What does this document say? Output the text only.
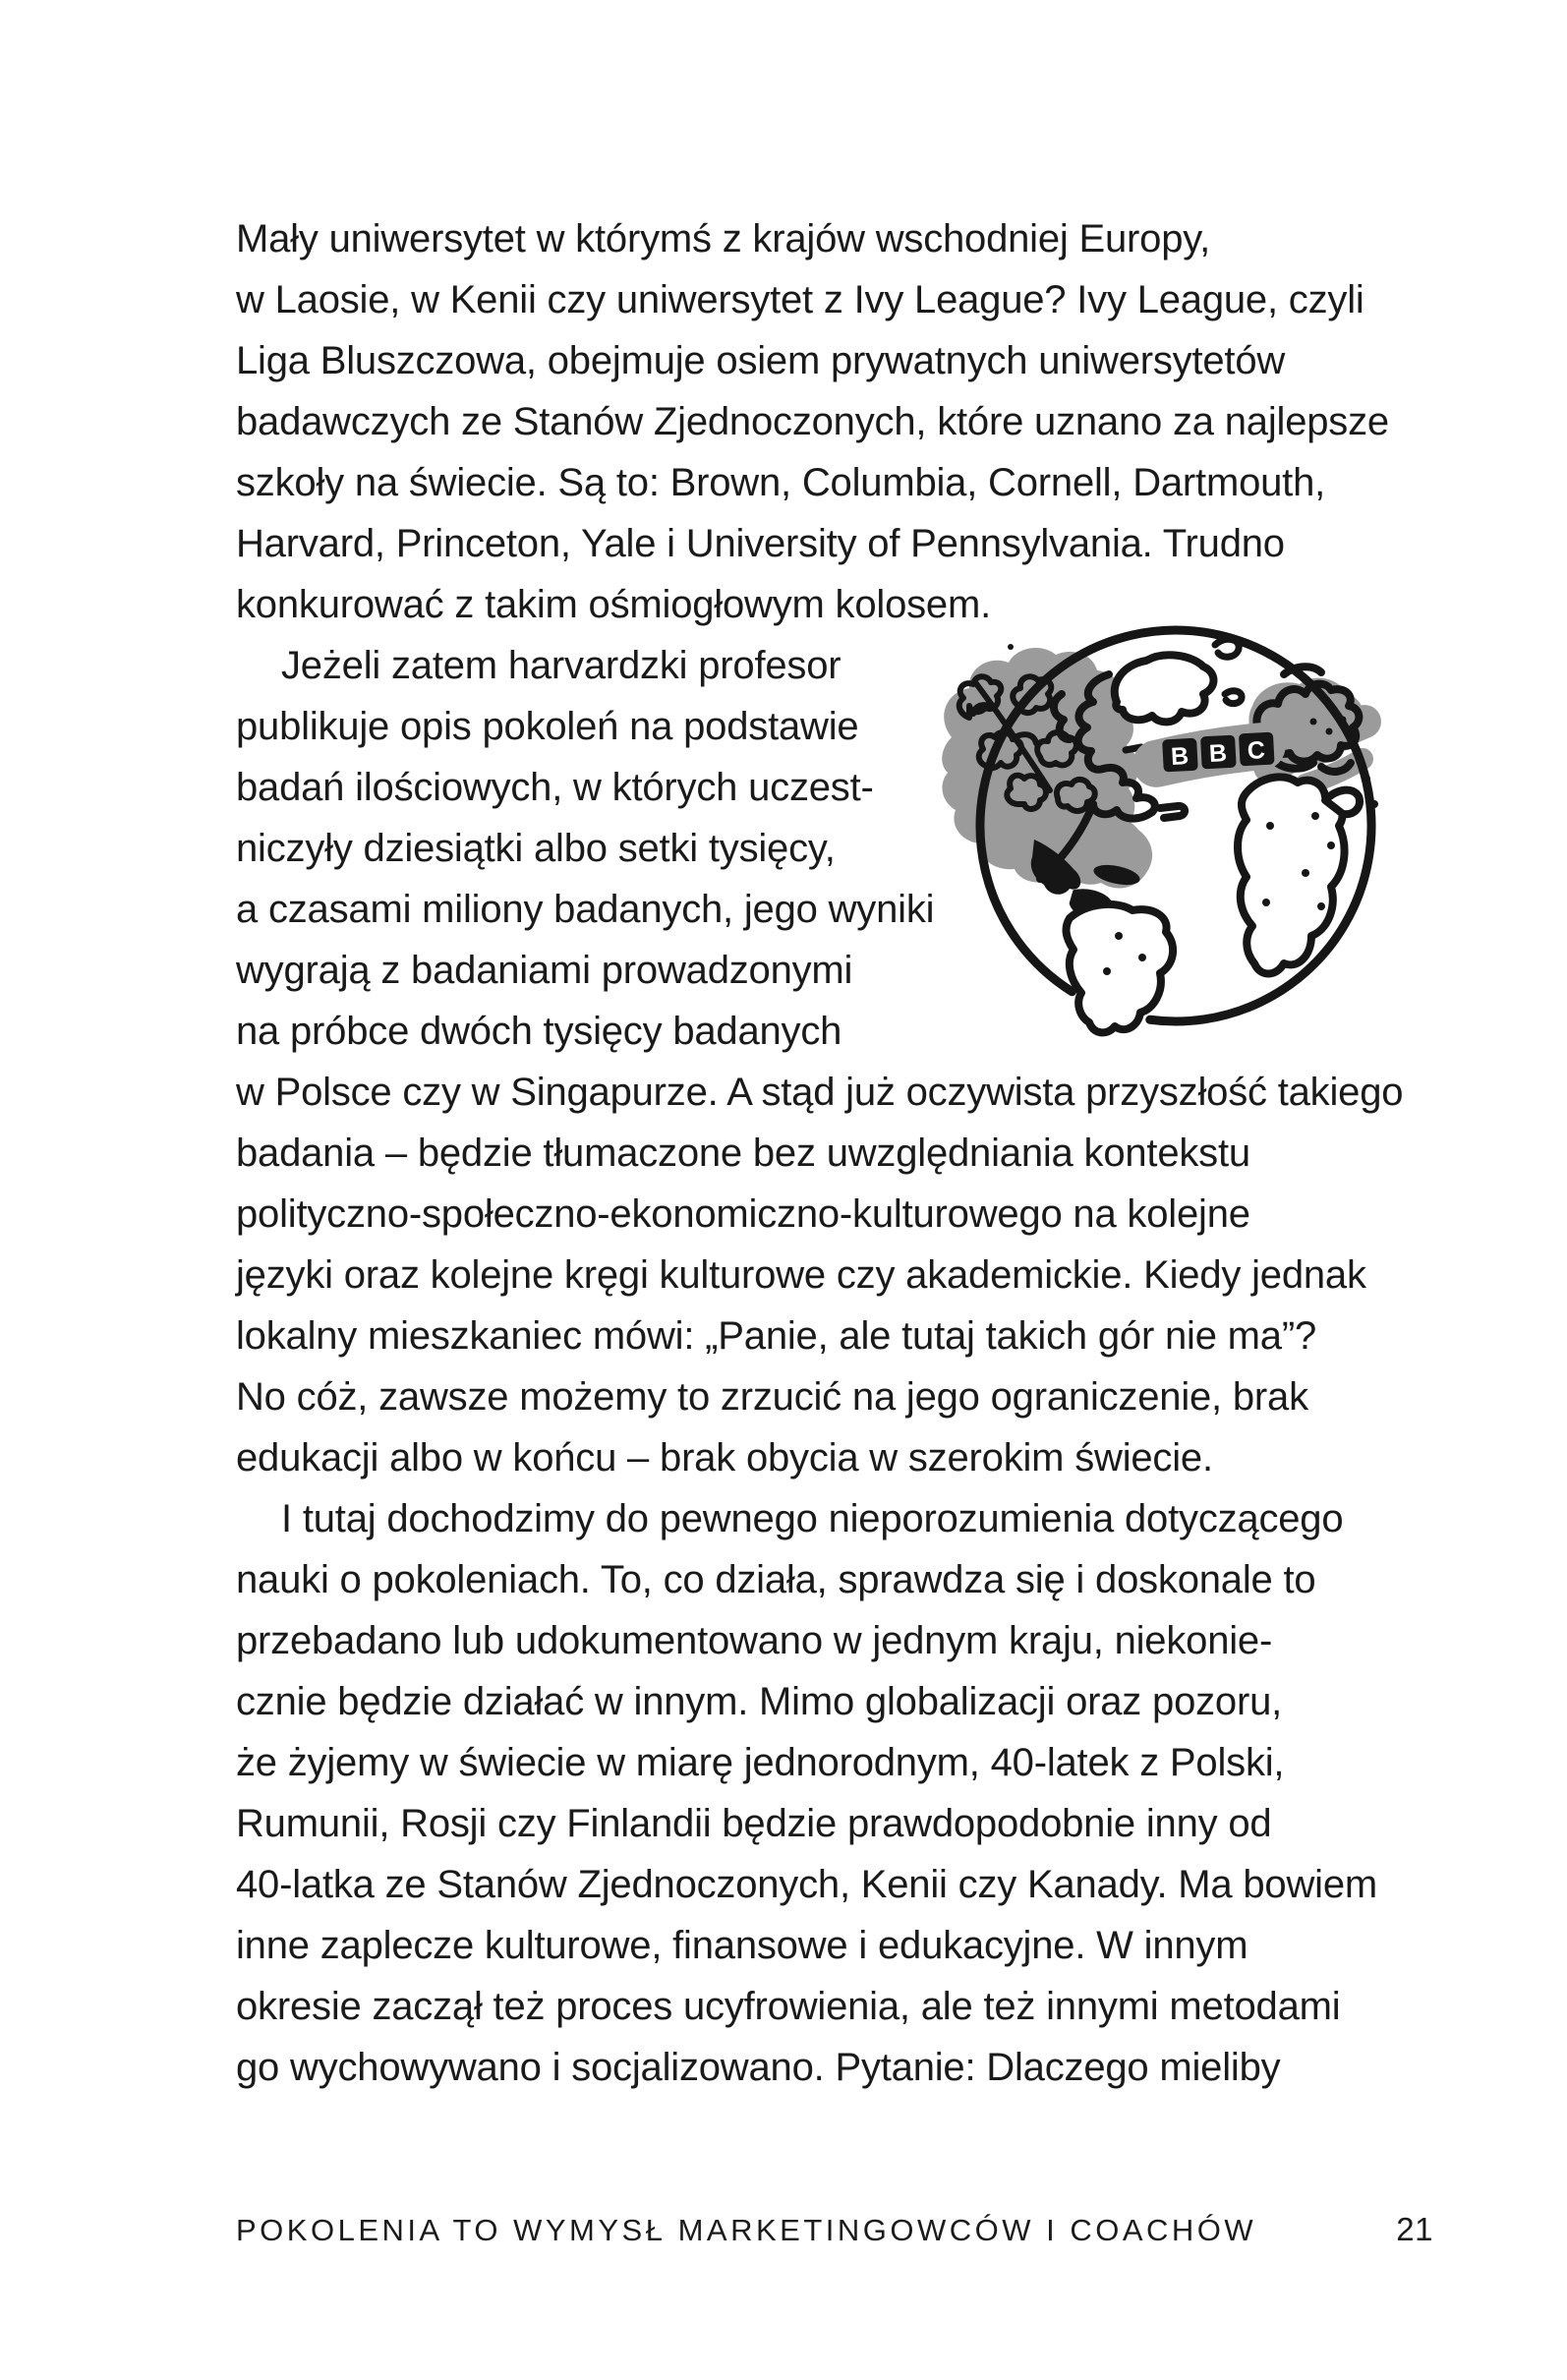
Mały uniwersytet w którymś z krajów wschodniej Europy,
w Laosie, w Kenii czy uniwersytet z Ivy League? Ivy League, czyli
Liga Bluszczowa, obejmuje osiem prywatnych uniwersytetów
badawczych ze Stanów Zjednoczonych, które uznano za najlepsze
szkoły na świecie. Są to: Brown, Columbia, Cornell, Dartmouth,
Harvard, Princeton, Yale i University of Pennsylvania. Trudno
konkurować z takim ośmiogłowym kolosem.
Jeżeli zatem harvardzki profesor
publikuje opis pokoleń na podstawie
badań ilościowych, w których uczest-
niczyły dziesiątki albo setki tysięcy,
a czasami miliony badanych, jego wyniki
wygrają z badaniami prowadzonymi
na próbce dwóch tysięcy badanych
w Polsce czy w Singapurze. A stąd już oczywista przyszłość takiego
badania – będzie tłumaczone bez uwzględniania kontekstu
polityczno-społeczno-ekonomiczno-kulturowego na kolejne
języki oraz kolejne kręgi kulturowe czy akademickie. Kiedy jednak
lokalny mieszkaniec mówi: „Panie, ale tutaj takich gór nie ma”?
No cóż, zawsze możemy to zrzucić na jego ograniczenie, brak
edukacji albo w końcu – brak obycia w szerokim świecie.
I tutaj dochodzimy do pewnego nieporozumienia dotyczącego
nauki o pokoleniach. To, co działa, sprawdza się i doskonale to
przebadano lub udokumentowano w jednym kraju, niekonie-
cznie będzie działać w innym. Mimo globalizacji oraz pozoru,
że żyjemy w świecie w miarę jednorodnym, 40-latek z Polski,
Rumunii, Rosji czy Finlandii będzie prawdopodobnie inny od
40-latka ze Stanów Zjednoczonych, Kenii czy Kanady. Ma bowiem
inne zaplecze kulturowe, finansowe i edukacyjne. W innym
okresie zaczął też proces ucyfrowienia, ale też innymi metodami
go wychowywano i socjalizowano. Pytanie: Dlaczego mieliby
B B C
POKOLENIA TO WYMYSŁ MARKETINGOWCÓW I COACHÓW	21
